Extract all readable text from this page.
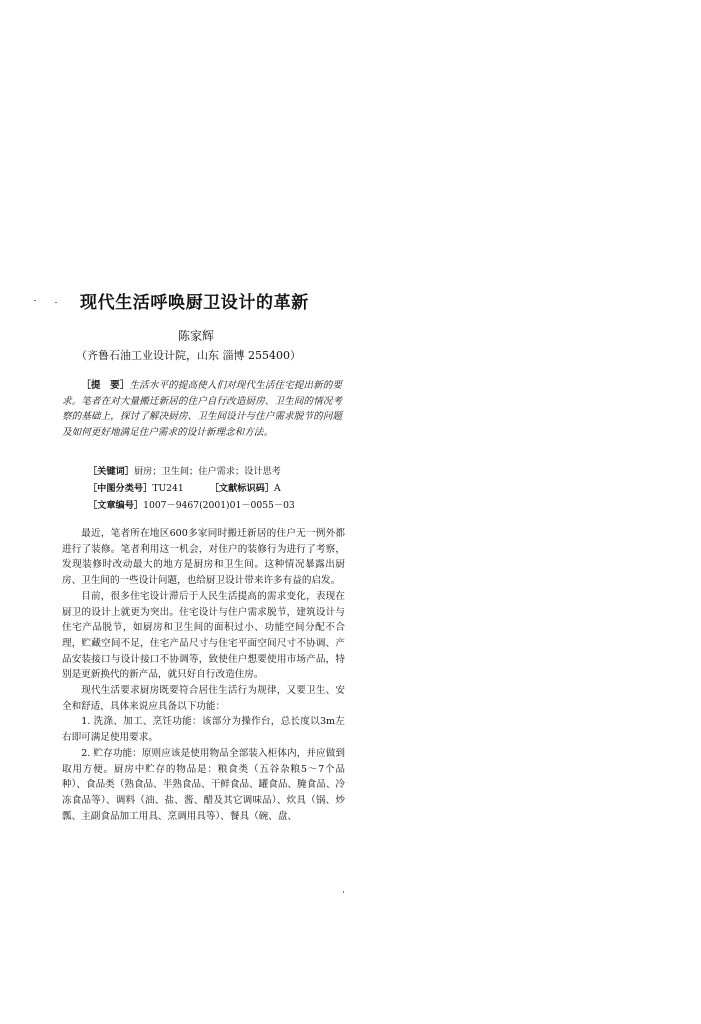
现代生活呼唤厨卫设计的革新
陈家辉
（齐鲁石油工业设计院，山东 淄博 255400）

［提　要］生活水平的提高使人们对现代生活住宅提出新的要求。笔者在对大量搬迁新居的住户自行改造厨房、卫生间的情况考察的基础上，探讨了解决厨房、卫生间设计与住户需求脱节的问题及如何更好地满足住户需求的设计新理念和方法。

［关键词］厨房；卫生间；住户需求；设计思考
［中图分类号］TU241	［文献标识码］A
［文章编号］1007－9467(2001)01－0055－03

最近，笔者所在地区600多家同时搬迁新居的住户无一例外都进行了装修。笔者利用这一机会，对住户的装修行为进行了考察，发现装修时改动最大的地方是厨房和卫生间。这种情况暴露出厨房、卫生间的一些设计问题，也给厨卫设计带来许多有益的启发。

目前，很多住宅设计滞后于人民生活提高的需求变化，表现在厨卫的设计上就更为突出。住宅设计与住户需求脱节，建筑设计与住宅产品脱节，如厨房和卫生间的面积过小、功能空间分配不合理，贮藏空间不足，住宅产品尺寸与住宅平面空间尺寸不协调、产品安装接口与设计接口不协调等，致使住户想要使用市场产品，特别是更新换代的新产品，就只好自行改造住房。

现代生活要求厨房既要符合居住生活行为规律，又要卫生、安全和舒适，具体来说应具备以下功能：

1. 洗涤、加工、烹饪功能：该部分为操作台，总长度以3m左右即可满足使用要求。

2. 贮存功能：原则应该是使用物品全部装入柜体内，并应做到取用方便。厨房中贮存的物品是：粮食类（五谷杂粮5～7个品种）、食品类（熟食品、半熟食品、干鲜食品、罐食品、腌食品、冷冻食品等）、调料（油、盐、酱、醋及其它调味品）、炊具（锅、炒瓢、主副食品加工用具、烹调用具等）、餐具（碗、盘、
